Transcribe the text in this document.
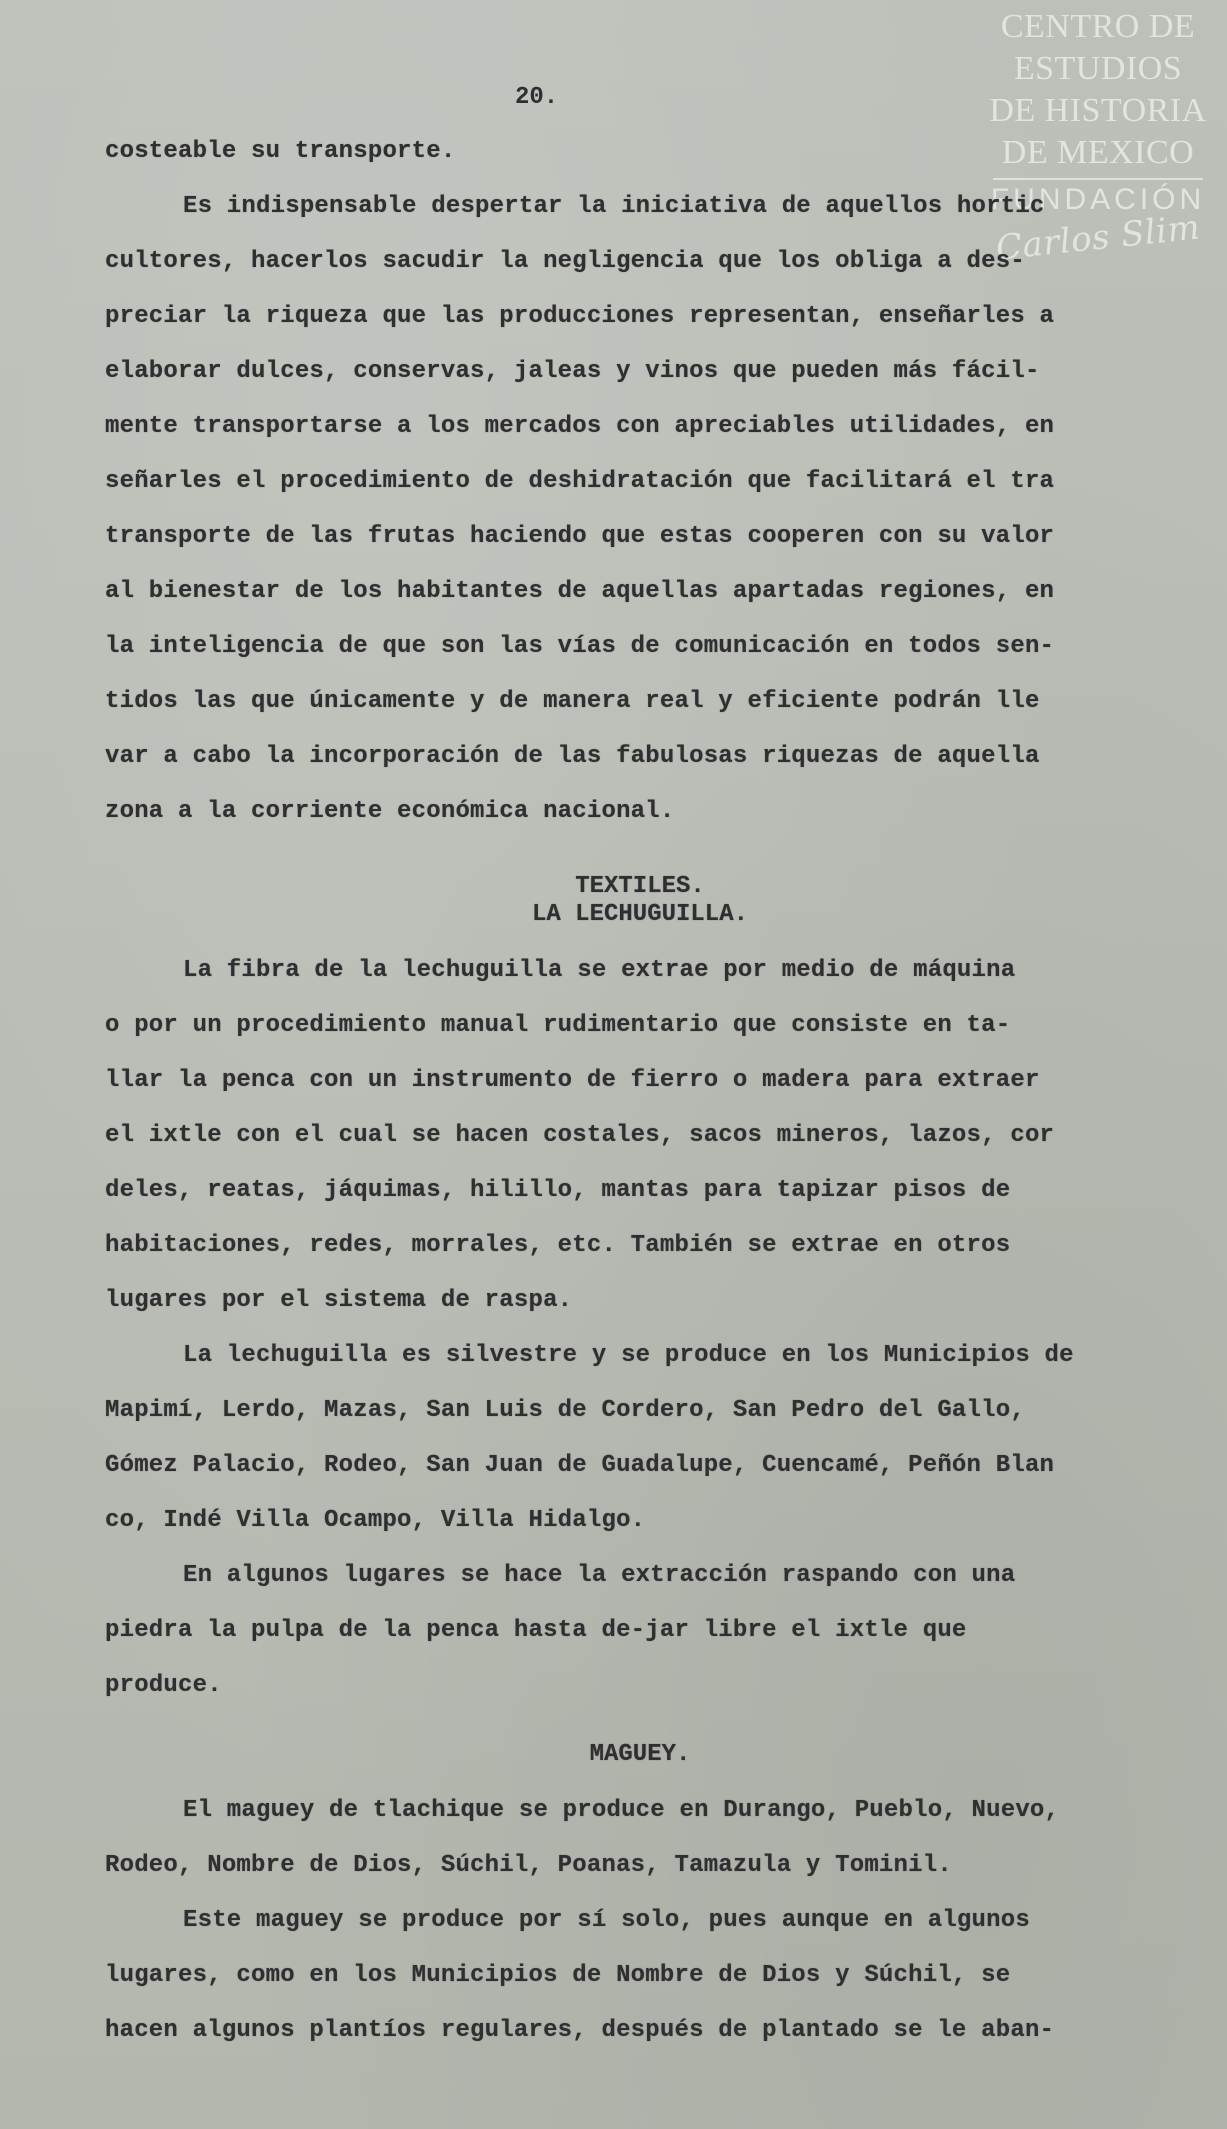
CENTRO DE
ESTUDIOS
DE HISTORIA
DE MEXICO
FUNDACIÓN
Carlos Slim
20.
costeable su transporte.
Es indispensable despertar la iniciativa de aquellos hortic
cultores, hacerlos sacudir la negligencia que los obliga a des-
preciar la riqueza que las producciones representan, enseñarles a
elaborar dulces, conservas, jaleas y vinos que pueden más fácil-
mente transportarse a los mercados con apreciables utilidades, en
señarles el procedimiento de deshidratación que facilitará el tra
transporte de las frutas haciendo que estas cooperen con su valor
al bienestar de los habitantes de aquellas apartadas regiones, en
la inteligencia de que son las vías de comunicación en todos sen-
tidos las que únicamente y de manera real y eficiente podrán lle
var a cabo la incorporación de las fabulosas riquezas de aquella
zona a la corriente económica nacional.
TEXTILES.
LA LECHUGUILLA.
La fibra de la lechuguilla se extrae por medio de máquina
o por un procedimiento manual rudimentario que consiste en ta-
llar la penca con un instrumento de fierro o madera para extraer
el ixtle con el cual se hacen costales, sacos mineros, lazos, cor
deles, reatas, jáquimas, hilillo, mantas para tapizar pisos de
habitaciones, redes, morrales, etc. También se extrae en otros
lugares por el sistema de raspa.
La lechuguilla es silvestre y se produce en los Municipios de
Mapimí, Lerdo, Mazas, San Luis de Cordero, San Pedro del Gallo,
Gómez Palacio, Rodeo, San Juan de Guadalupe, Cuencamé, Peñón Blan
co, Indé Villa Ocampo, Villa Hidalgo.
En algunos lugares se hace la extracción raspando con una
piedra la pulpa de la penca hasta de-jar libre el ixtle que
produce.
MAGUEY.
El maguey de tlachique se produce en Durango, Pueblo, Nuevo,
Rodeo, Nombre de Dios, Súchil, Poanas, Tamazula y Tominil.
Este maguey se produce por sí solo, pues aunque en algunos
lugares, como en los Municipios de Nombre de Dios y Súchil, se
hacen algunos plantíos regulares, después de plantado se le aban-
